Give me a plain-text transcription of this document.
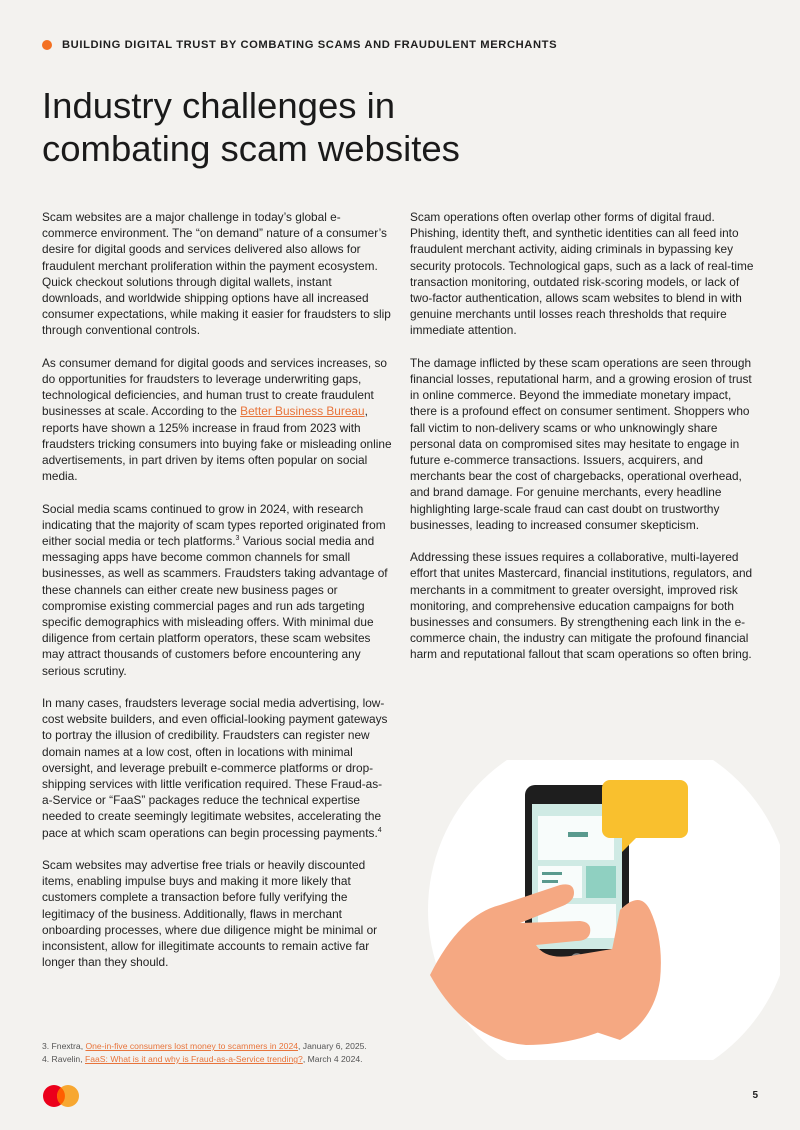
BUILDING DIGITAL TRUST BY COMBATING SCAMS AND FRAUDULENT MERCHANTS
Industry challenges in
combating scam websites

Scam websites are a major challenge in today’s global e-commerce environment. The “on demand” nature of a consumer’s desire for digital goods and services delivered also allows for fraudulent merchant proliferation within the payment ecosystem. Quick checkout solutions through digital wallets, instant downloads, and worldwide shipping options have all increased consumer expectations, while making it easier for fraudsters to slip through conventional controls.

As consumer demand for digital goods and services increases, so do opportunities for fraudsters to leverage underwriting gaps, technological deficiencies, and human trust to create fraudulent businesses at scale. According to the Better Business Bureau, reports have shown a 125% increase in fraud from 2023 with fraudsters tricking consumers into buying fake or misleading online advertisements, in part driven by items often popular on social media.

Social media scams continued to grow in 2024, with research indicating that the majority of scam types reported originated from either social media or tech platforms.$^3$ Various social media and messaging apps have become common channels for small businesses, as well as scammers. Fraudsters taking advantage of these channels can either create new business pages or compromise existing commercial pages and run ads targeting specific demographics with misleading offers. With minimal due diligence from certain platform operators, these scam websites may attract thousands of customers before encountering any serious scrutiny.

In many cases, fraudsters leverage social media advertising, low-cost website builders, and even official-looking payment gateways to portray the illusion of credibility. Fraudsters can register new domain names at a low cost, often in locations with minimal oversight, and leverage prebuilt e-commerce platforms or drop-shipping services with little verification required. These Fraud-as-a-Service or “FaaS” packages reduce the technical expertise needed to create seemingly legitimate websites, accelerating the pace at which scam operations can begin processing payments.$^4$

Scam websites may advertise free trials or heavily discounted items, enabling impulse buys and making it more likely that customers complete a transaction before fully verifying the legitimacy of the business. Additionally, flaws in merchant onboarding processes, where due diligence might be minimal or inconsistent, allow for illegitimate accounts to remain active far longer than they should.

Scam operations often overlap other forms of digital fraud. Phishing, identity theft, and synthetic identities can all feed into fraudulent merchant activity, aiding criminals in bypassing key security protocols. Technological gaps, such as a lack of real-time transaction monitoring, outdated risk-scoring models, or lack of two-factor authentication, allows scam websites to blend in with genuine merchants until losses reach thresholds that require immediate attention.

The damage inflicted by these scam operations are seen through financial losses, reputational harm, and a growing erosion of trust in online commerce. Beyond the immediate monetary impact, there is a profound effect on consumer sentiment. Shoppers who fall victim to non-delivery scams or who unknowingly share personal data on compromised sites may hesitate to engage in future e-commerce transactions. Issuers, acquirers, and merchants bear the cost of chargebacks, operational overhead, and brand damage. For genuine merchants, every headline highlighting large-scale fraud can cast doubt on trustworthy businesses, leading to increased consumer skepticism.

Addressing these issues requires a collaborative, multi-layered effort that unites Mastercard, financial institutions, regulators, and merchants in a commitment to greater oversight, improved risk monitoring, and comprehensive education campaigns for both businesses and consumers. By strengthening each link in the e-commerce chain, the industry can mitigate the profound financial harm and reputational fallout that scam operations so often bring.

3. Fnextra, One-in-five consumers lost money to scammers in 2024, January 6, 2025.
4. Ravelin, FaaS: What is it and why is Fraud-as-a-Service trending?, March 4 2024.
5
